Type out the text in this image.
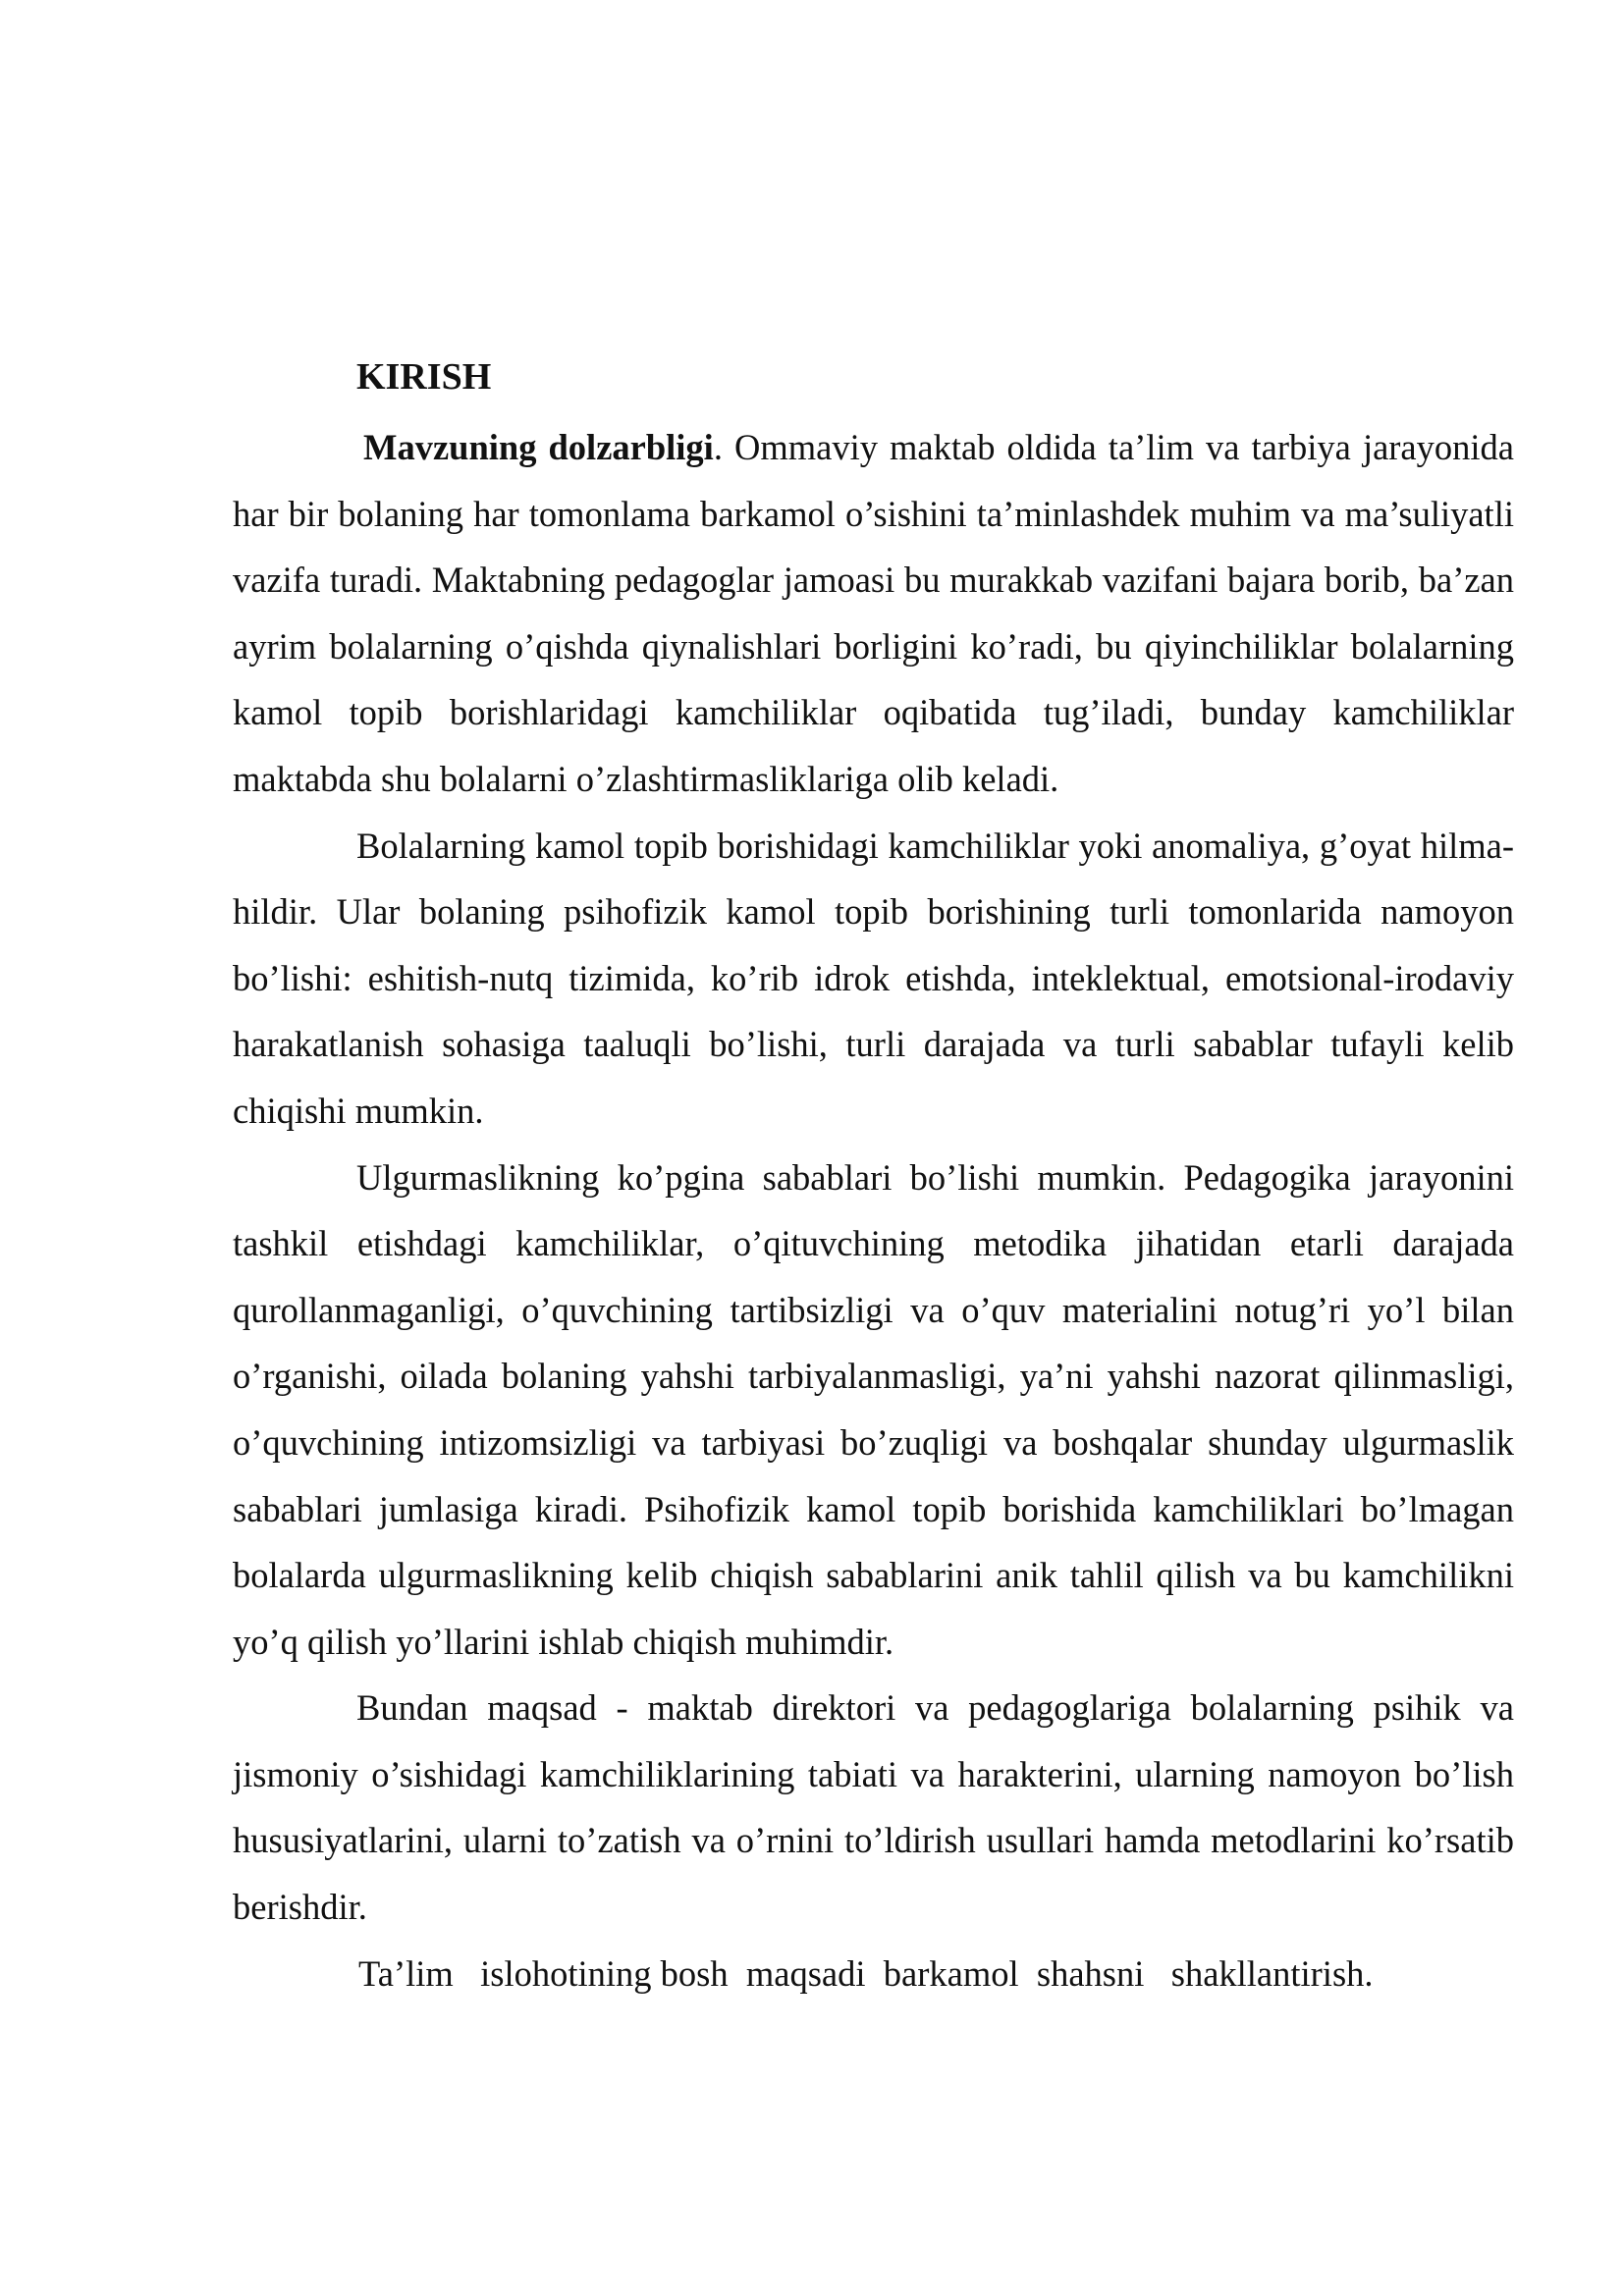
KIRISH

Mavzuning dolzarbligi. Ommaviy maktab oldida ta’lim va tarbiya jarayonida har bir bolaning har tomonlama barkamol o’sishini ta’minlashdek muhim va ma’suliyatli vazifa turadi. Maktabning pedagoglar jamoasi bu murakkab vazifani bajara borib, ba’zan ayrim bolalarning o’qishda qiynalishlari borligini ko’radi, bu qiyinchiliklar bolalarning kamol topib borishlaridagi kamchiliklar oqibatida tug’iladi, bunday kamchiliklar maktabda shu bolalarni o’zlashtirmasliklariga olib keladi.

Bolalarning kamol topib borishidagi kamchiliklar yoki anomaliya, g’oyat hilma-hildir. Ular bolaning psihofizik kamol topib borishining turli tomonlarida namoyon bo’lishi: eshitish-nutq tizimida, ko’rib idrok etishda, inteklektual, emotsional-irodaviy harakatlanish sohasiga taaluqli bo’lishi, turli darajada va turli sabablar tufayli kelib chiqishi mumkin.

Ulgurmaslikning ko’pgina sabablari bo’lishi mumkin. Pedagogika jarayonini tashkil etishdagi kamchiliklar, o’qituvchining metodika jihatidan etarli darajada qurollanmaganligi, o’quvchining tartibsizligi va o’quv materialini notug’ri yo’l bilan o’rganishi, oilada bolaning yahshi tarbiyalanmasligi, ya’ni yahshi nazorat qilinmasligi, o’quvchining intizomsizligi va tarbiyasi bo’zuqligi va boshqalar shunday ulgurmaslik sabablari jumlasiga kiradi. Psihofizik kamol topib borishida kamchiliklari bo’lmagan bolalarda ulgurmaslikning kelib chiqish sabablarini anik tahlil qilish va bu kamchilikni yo’q qilish yo’llarini ishlab chiqish muhimdir.

Bundan maqsad - maktab direktori va pedagoglariga bolalarning psihik va jismoniy o’sishidagi kamchiliklarining tabiati va harakterini, ularning namoyon bo’lish hususiyatlarini, ularni to’zatish va o’rnini to’ldirish usullari hamda metodlarini ko’rsatib berishdir.

Ta’lim   islohotining bosh  maqsadi  barkamol  shahsni   shakllantirish.
